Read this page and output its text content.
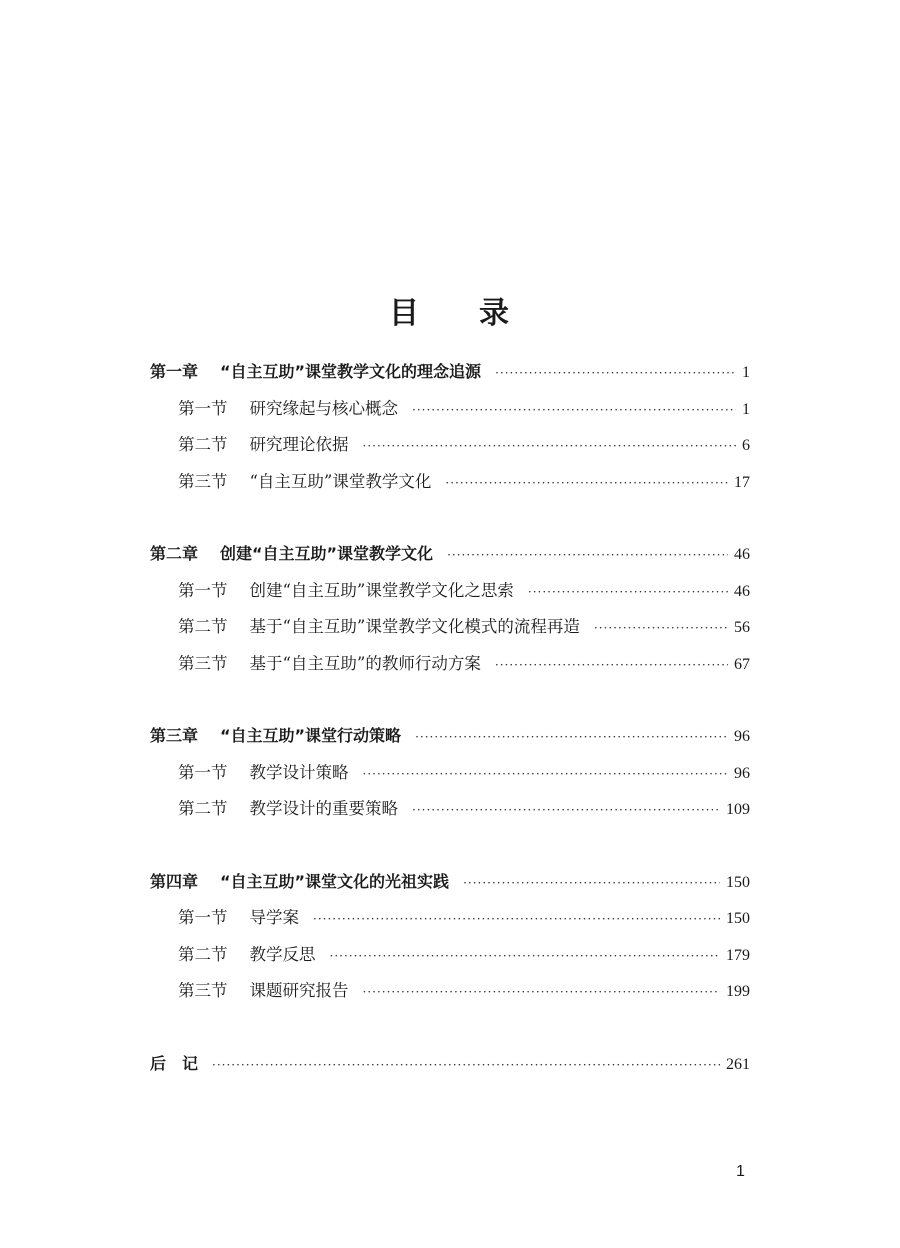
目 录
第一章 “自主互助”课堂教学文化的理念追源 ·····	1
第一节 研究缘起与核心概念 ·····	1
第二节 研究理论依据 ·····	6
第三节 “自主互助”课堂教学文化 ·····	17
第二章 创建“自主互助”课堂教学文化 ·····	46
第一节 创建“自主互助”课堂教学文化之思索 ·····	46
第二节 基于“自主互助”课堂教学文化模式的流程再造 ·····	56
第三节 基于“自主互助”的教师行动方案 ·····	67
第三章 “自主互助”课堂行动策略 ·····	96
第一节 教学设计策略 ·····	96
第二节 教学设计的重要策略 ·····	109
第四章 “自主互助”课堂文化的光祖实践 ·····	150
第一节 导学案 ·····	150
第二节 教学反思 ·····	179
第三节 课题研究报告 ·····	199
后　记 ·····	261
1
